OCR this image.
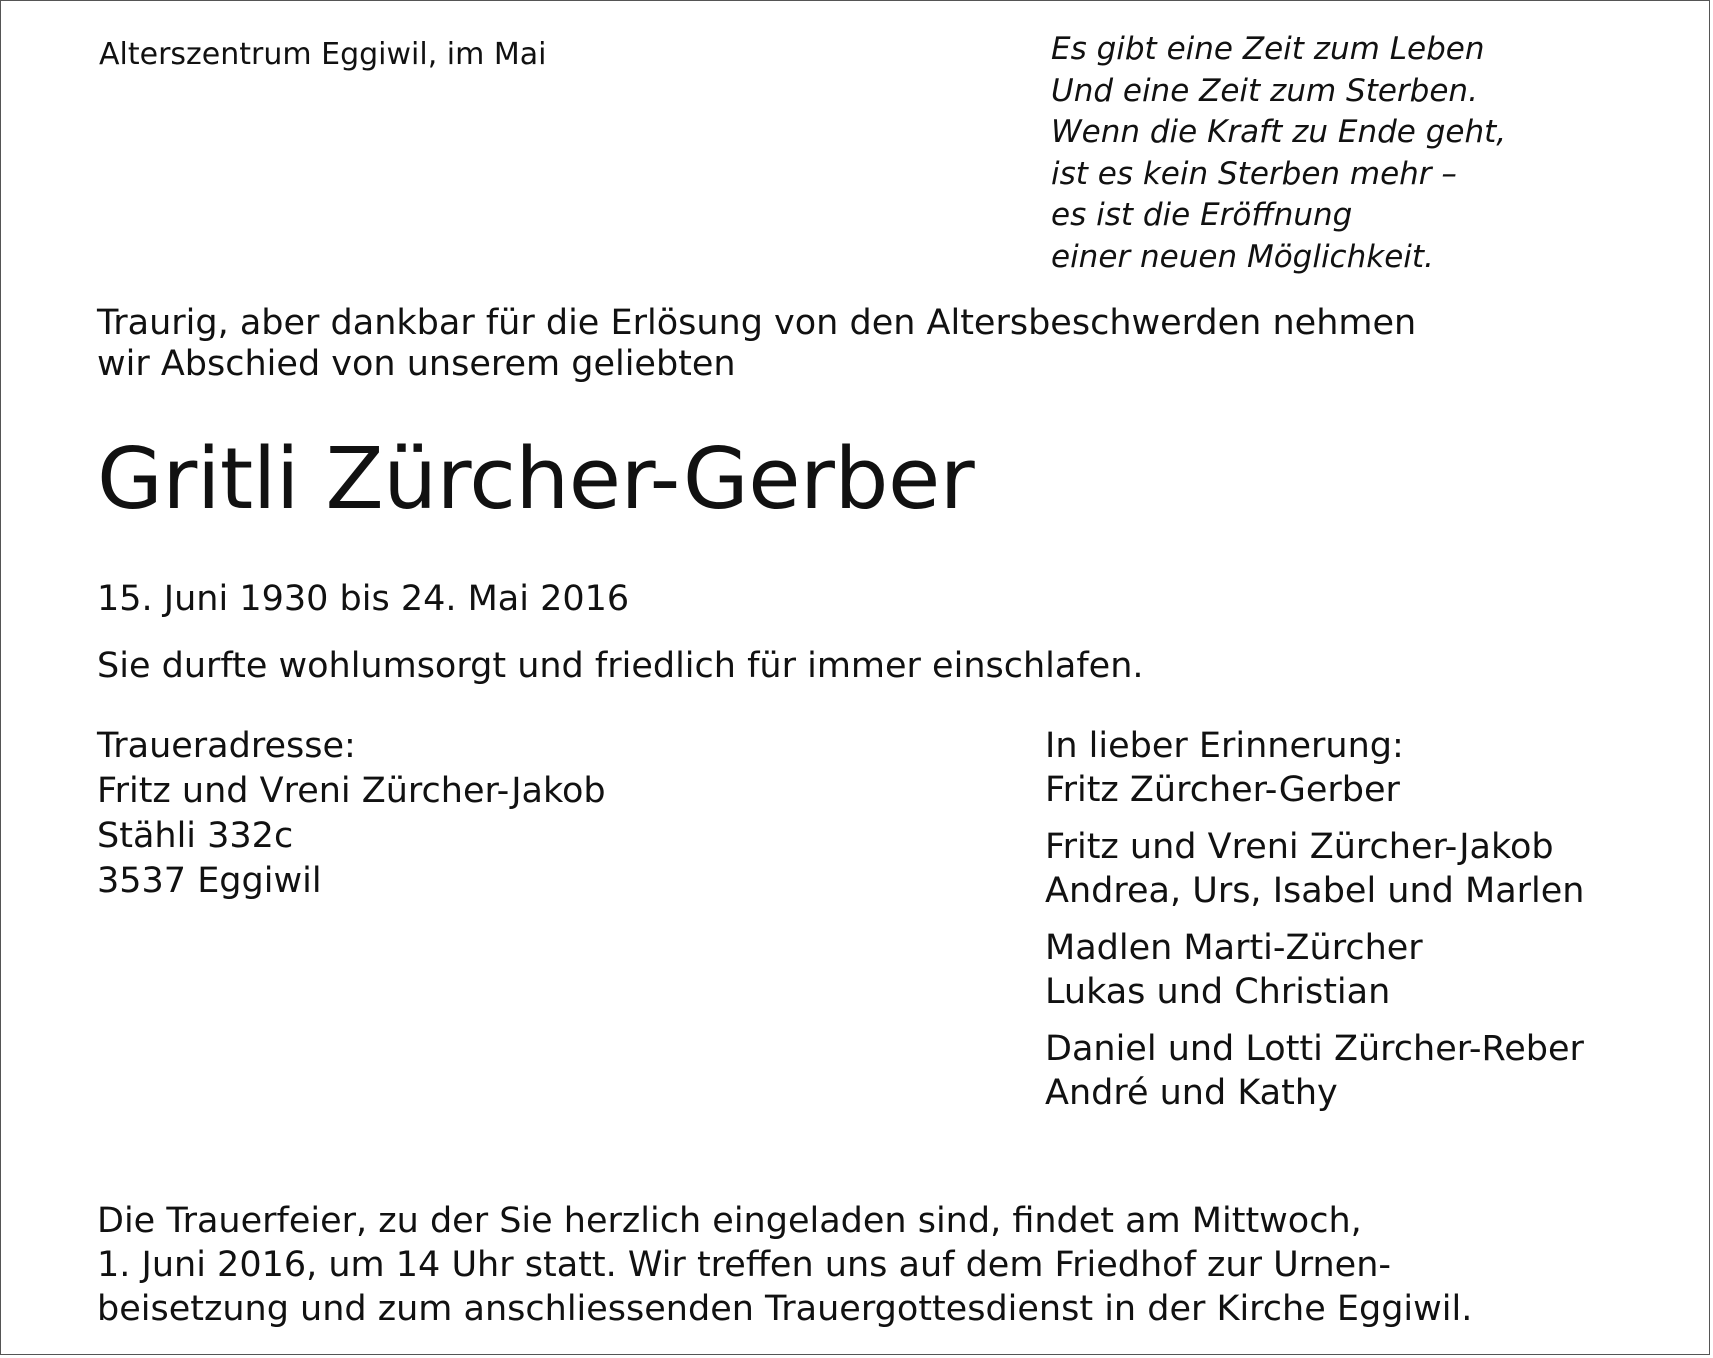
Alterszentrum Eggiwil, im Mai	Es gibt eine Zeit zum Leben
Und eine Zeit zum Sterben.
Wenn die Kraft zu Ende geht,
ist es kein Sterben mehr –
es ist die Eröffnung
einer neuen Möglichkeit.
Traurig, aber dankbar für die Erlösung von den Altersbeschwerden nehmen
wir Abschied von unserem geliebten
Gritli Zürcher-Gerber
15. Juni 1930 bis 24. Mai 2016
Sie durfte wohlumsorgt und friedlich für immer einschlafen.
Traueradresse:
Fritz und Vreni Zürcher-Jakob
Stähli 332c
3537 Eggiwil
In lieber Erinnerung:
Fritz Zürcher-Gerber
Fritz und Vreni Zürcher-Jakob
Andrea, Urs, Isabel und Marlen
Madlen Marti-Zürcher
Lukas und Christian
Daniel und Lotti Zürcher-Reber
André und Kathy
Die Trauerfeier, zu der Sie herzlich eingeladen sind, findet am Mittwoch,
1. Juni 2016, um 14 Uhr statt. Wir treffen uns auf dem Friedhof zur Urnen-
beisetzung und zum anschliessenden Trauergottesdienst in der Kirche Eggiwil.
